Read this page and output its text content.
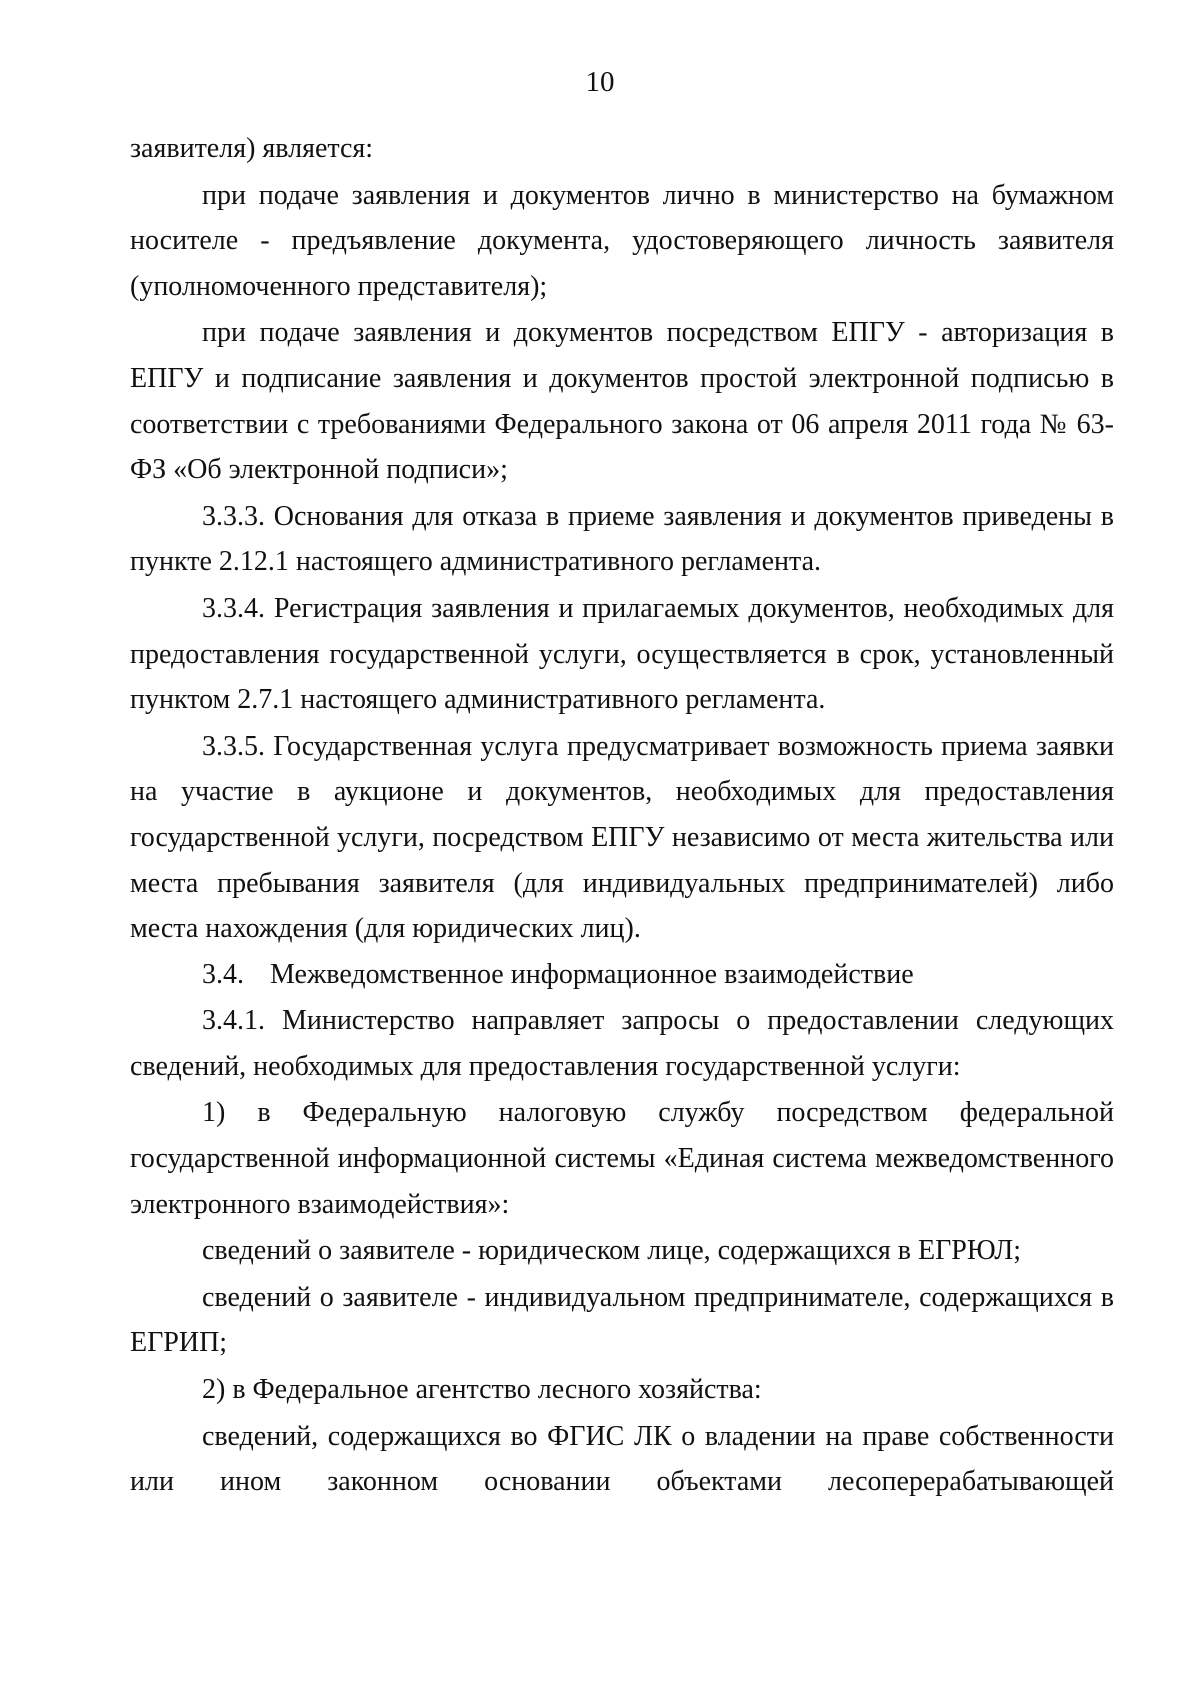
10

заявителя) является:

при подаче заявления и документов лично в министерство на бумажном носителе - предъявление документа, удостоверяющего личность заявителя (уполномоченного представителя);

при подаче заявления и документов посредством ЕПГУ - авторизация в ЕПГУ и подписание заявления и документов простой электронной подписью в соответствии с требованиями Федерального закона от 06 апреля 2011 года № 63-ФЗ «Об электронной подписи»;

3.3.3. Основания для отказа в приеме заявления и документов приведены в пункте 2.12.1 настоящего административного регламента.

3.3.4. Регистрация заявления и прилагаемых документов, необходимых для предоставления государственной услуги, осуществляется в срок, установленный пунктом 2.7.1 настоящего административного регламента.

3.3.5. Государственная услуга предусматривает возможность приема заявки на участие в аукционе и документов, необходимых для предоставления государственной услуги, посредством ЕПГУ независимо от места жительства или места пребывания заявителя (для индивидуальных предпринимателей) либо места нахождения (для юридических лиц).

3.4. Межведомственное информационное взаимодействие

3.4.1. Министерство направляет запросы о предоставлении следующих сведений, необходимых для предоставления государственной услуги:

1) в Федеральную налоговую службу посредством федеральной государственной информационной системы «Единая система межведомственного электронного взаимодействия»:

сведений о заявителе - юридическом лице, содержащихся в ЕГРЮЛ;

сведений о заявителе - индивидуальном предпринимателе, содержащихся в ЕГРИП;

2) в Федеральное агентство лесного хозяйства:

сведений, содержащихся во ФГИС ЛК о владении на праве собственности или ином законном основании объектами лесоперерабатывающей
